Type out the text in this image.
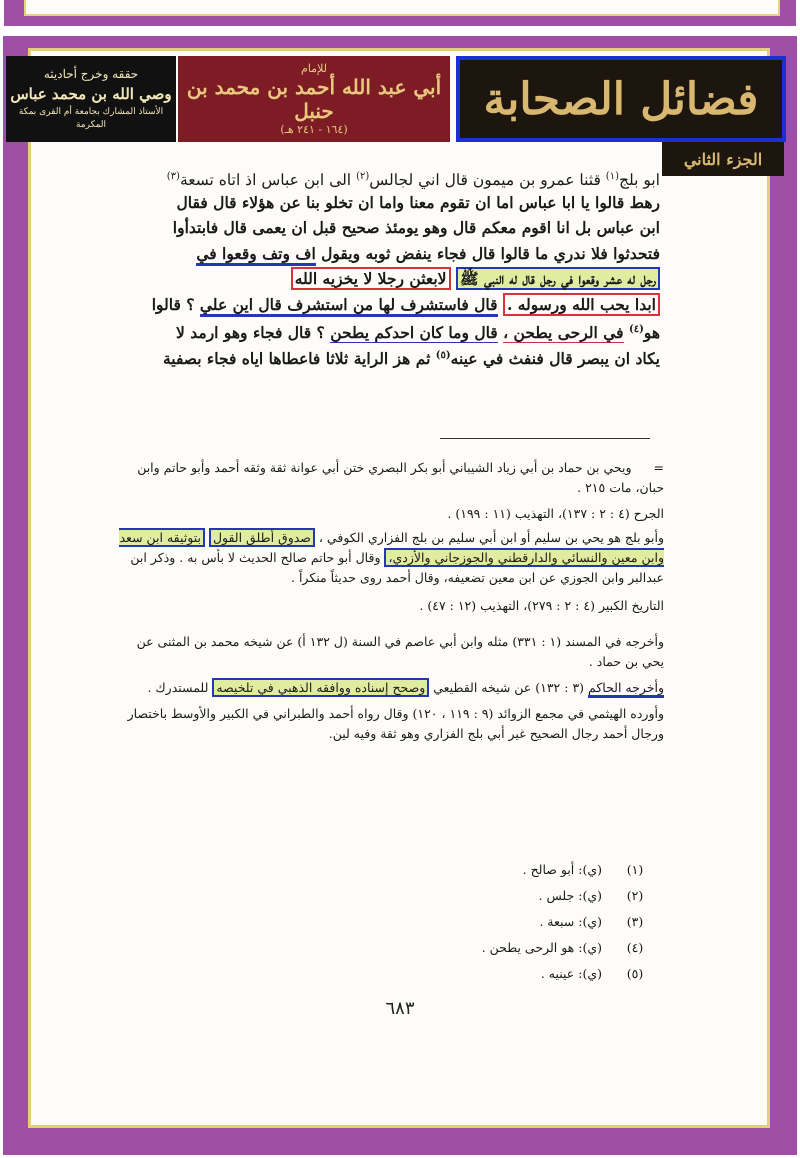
حققه وخرج أحاديثه
وصي الله بن محمد عباس
الأستاذ المشارك بجامعة أم القرى بمكة المكرمة
للإمام
أبي عبد الله أحمد بن محمد بن حنبل
(١٦٤ - ٢٤١ هـ)
فضائل الصحابة
الجزء الثاني
ابو بلج$^{(١)}$ قثنا عمرو بن ميمون قال اني لجالس$^{(٢)}$ الى ابن عباس اذ اتاه تسعة$^{(٣)}$
رهط قالوا يا ابا عباس اما ان تقوم معنا واما ان تخلو بنا عن هؤلاء قال فقال
ابن عباس بل انا اقوم معكم قال وهو يومئذ صحيح قبل ان يعمى قال فابتدأوا
فتحدثوا فلا ندري ما قالوا قال فجاء ينفض ثوبه ويقول اف وتف وقعوا في
رجل له عشر وقعوا في رجل قال له النبي ﷺ لابعثن رجلا لا يخزيه الله
ابدا يحب الله ورسوله . قال فاستشرف لها من استشرف قال اين علي ؟ قالوا
هو$^{(٤)}$ في الرحى يطحن ، قال وما كان احدكم يطحن ؟ قال فجاء وهو ارمد لا
يكاد ان يبصر قال فنفث في عينه$^{(٥)}$ ثم هز الراية ثلاثا فاعطاها اياه فجاء بصفية

=
ويحي بن حماد بن أبي زياد الشيباني أبو بكر البصري ختن أبي عوانة ثقة وثقه أحمد وأبو حاتم وابن حبان، مات ٢١٥ .

الجرح (٤ : ٢ : ١٣٧)، التهذيب (١١ : ١٩٩) .

وأبو بلج هو يحي بن سليم أو ابن أبي سليم بن بلج الفزاري الكوفي ، صدوق أطلق القول بتوثيقه ابن سعد وابن معين والنسائي والدارقطني والجوزجاني والأزدي، وقال أبو حاتم صالح الحديث لا بأس به . وذكر ابن عبدالبر وابن الجوزي عن ابن معين تضعيفه، وقال أحمد روى حديثاً منكراً .

التاريخ الكبير (٤ : ٢ : ٢٧٩)، التهذيب (١٢ : ٤٧) .

وأخرجه في المسند (١ : ٣٣١) مثله وابن أبي عاصم في السنة (ل ١٣٢ أ) عن شيخه محمد بن المثنى عن يحي بن حماد .

وأخرجه الحاكم (٣ : ١٣٢) عن شيخه القطيعي وصحح إسناده ووافقه الذهبي في تلخيصه للمستدرك .

وأورده الهيثمي في مجمع الزوائد (٩ : ١١٩ ، ١٢٠) وقال رواه أحمد والطبراني في الكبير والأوسط باختصار ورجال أحمد رجال الصحيح غير أبي بلج الفزاري وهو ثقة وفيه لين.

(١)
(ي): أبو صالح .
(٢)
(ي): جلس .
(٣)
(ي): سبعة .
(٤)
(ي): هو الرحى يطحن .
(٥)
(ي): عينيه .
٦٨٣
